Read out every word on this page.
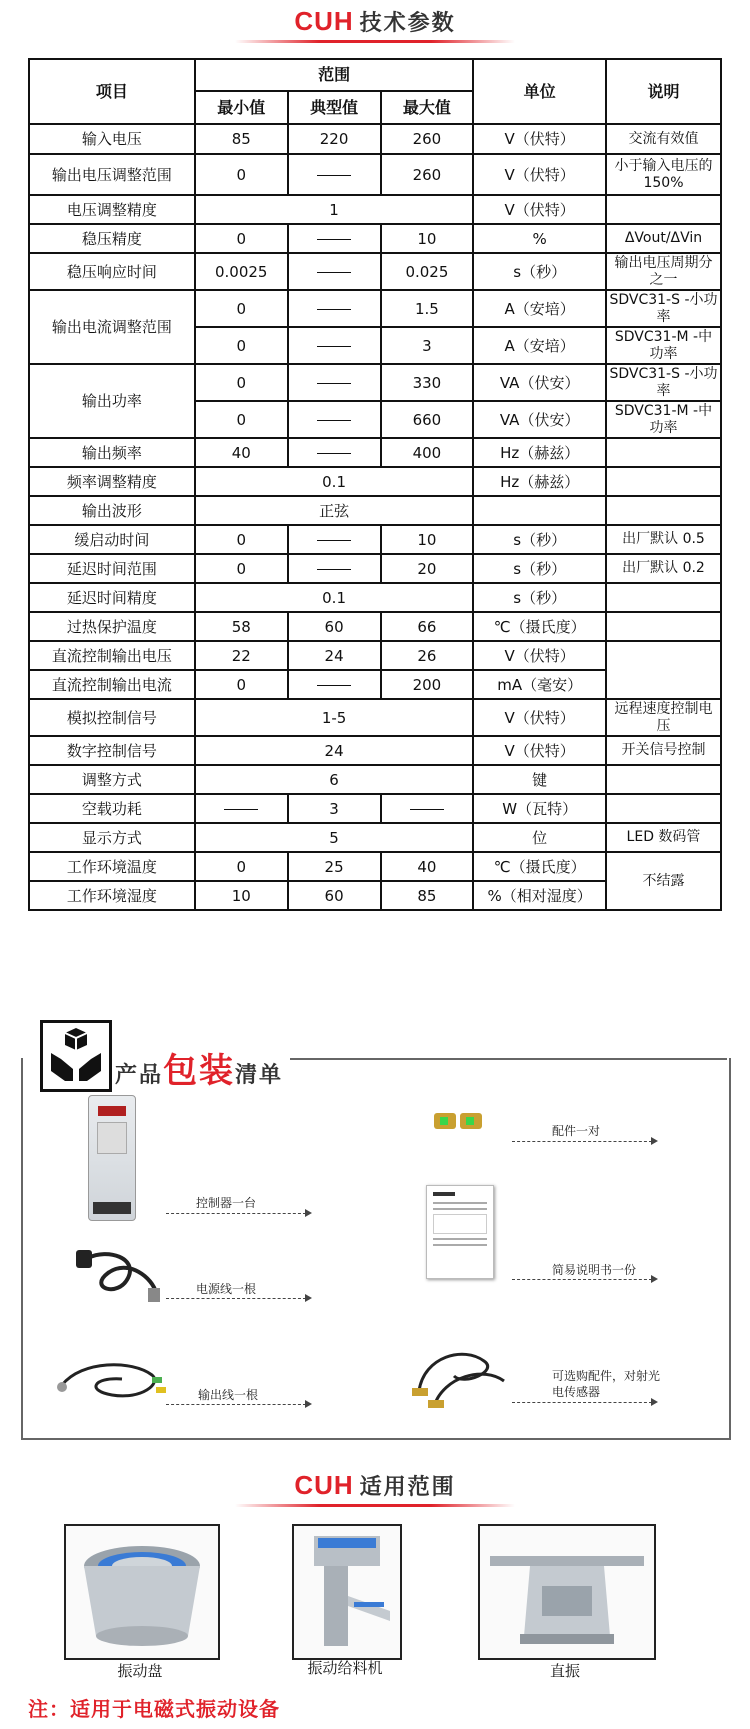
CUH 技术参数
项目	范围			单位	说明
	最小值	典型值	最大值		
输入电压	85	220	260	V（伏特）	交流有效值
输出电压调整范围	0		260	V（伏特）	小于输入电压的 150%
电压调整精度	1			V（伏特）	
稳压精度	0		10	%	ΔVout/ΔVin
稳压响应时间	0.0025		0.025	s（秒）	输出电压周期分之一
输出电流调整范围	0		1.5	A（安培）	SDVC31-S -小功率
	0		3	A（安培）	SDVC31-M -中功率
输出功率	0		330	VA（伏安）	SDVC31-S -小功率
	0		660	VA（伏安）	SDVC31-M -中功率
输出频率	40		400	Hz（赫兹）	
频率调整精度	0.1			Hz（赫兹）	
输出波形	正弦				
缓启动时间	0		10	s（秒）	出厂默认 0.5
延迟时间范围	0		20	s（秒）	出厂默认 0.2
延迟时间精度	0.1			s（秒）	
过热保护温度	58	60	66	℃（摄氏度）	
直流控制输出电压	22	24	26	V（伏特）	
直流控制输出电流	0		200	mA（毫安）	
模拟控制信号	1-5			V（伏特）	远程速度控制电压
数字控制信号	24			V（伏特）	开关信号控制
调整方式	6			键	
空载功耗		3		W（瓦特）	
显示方式	5			位	LED 数码管
工作环境温度	0	25	40	℃（摄氏度）	不结露
工作环境湿度	10	60	85	%（相对湿度）	
产品包装清单
控制器一台
电源线一根
输出线一根
配件一对
简易说明书一份
可选购配件，对射光电传感器
CUH 适用范围
振动盘	振动给料机	直振
注：适用于电磁式振动设备
